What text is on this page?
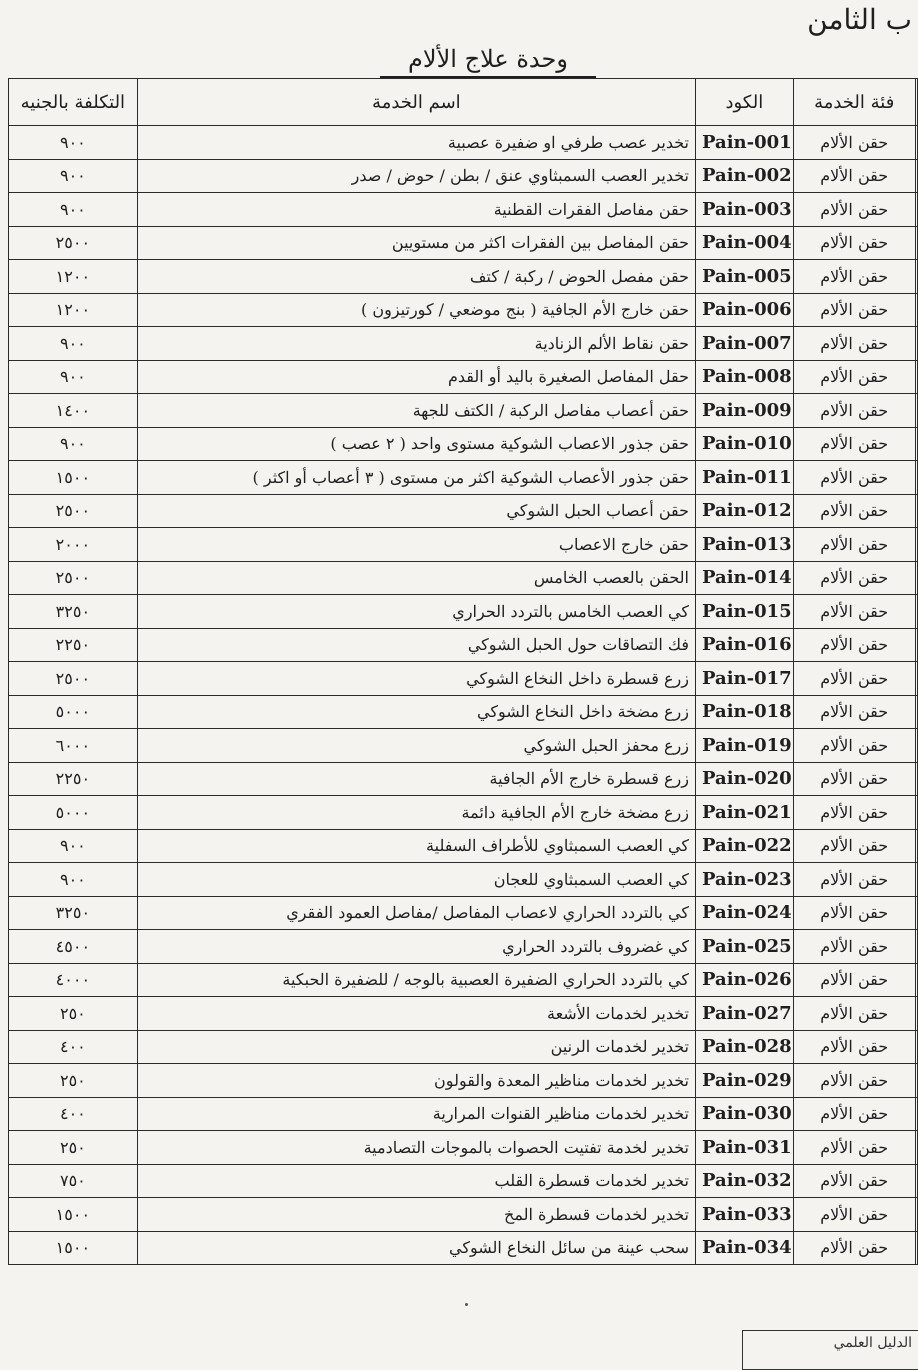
ب الثامن
وحدة علاج الألام
التكلفة بالجنيه	اسم الخدمة	الكود	فئة الخدمة	
٩٠٠	تخدير عصب طرفي او ضفيرة عصبية	Pain-001	حقن الألام	
٩٠٠	تخدير العصب السمبثاوي عنق / بطن / حوض / صدر	Pain-002	حقن الألام	
٩٠٠	حقن مفاصل الفقرات القطنية	Pain-003	حقن الألام	
٢٥٠٠	حقن المفاصل بين الفقرات اكثر من مستويين	Pain-004	حقن الألام	
١٢٠٠	حقن مفصل الحوض / ركبة / كتف	Pain-005	حقن الألام	
١٢٠٠	حقن خارج الأم الجافية ( بنج موضعي / كورتيزون )	Pain-006	حقن الألام	
٩٠٠	حقن نقاط الألم الزنادية	Pain-007	حقن الألام	
٩٠٠	حقل المفاصل الصغيرة باليد أو القدم	Pain-008	حقن الألام	
١٤٠٠	حقن أعصاب مفاصل الركبة / الكتف للجهة	Pain-009	حقن الألام	
٩٠٠	حقن جذور الاعصاب الشوكية مستوى واحد ( ٢ عصب )	Pain-010	حقن الألام	
١٥٠٠	حقن جذور الأعصاب الشوكية اكثر من مستوى ( ٣ أعصاب أو اكثر )	Pain-011	حقن الألام	
٢٥٠٠	حقن أعصاب الحبل الشوكي	Pain-012	حقن الألام	
٢٠٠٠	حقن خارج الاعصاب	Pain-013	حقن الألام	
٢٥٠٠	الحقن بالعصب الخامس	Pain-014	حقن الألام	
٣٢٥٠	كي العصب الخامس بالتردد الحراري	Pain-015	حقن الألام	
٢٢٥٠	فك التصاقات حول الحبل الشوكي	Pain-016	حقن الألام	
٢٥٠٠	زرع قسطرة داخل النخاع الشوكي	Pain-017	حقن الألام	
٥٠٠٠	زرع مضخة داخل النخاع الشوكي	Pain-018	حقن الألام	
٦٠٠٠	زرع محفز الحبل الشوكي	Pain-019	حقن الألام	
٢٢٥٠	زرع قسطرة خارج الأم الجافية	Pain-020	حقن الألام	
٥٠٠٠	زرع مضخة خارج الأم الجافية دائمة	Pain-021	حقن الألام	
٩٠٠	كي العصب السمبثاوي للأطراف السفلية	Pain-022	حقن الألام	
٩٠٠	كي العصب السمبثاوي للعجان	Pain-023	حقن الألام	
٣٢٥٠	كي بالتردد الحراري لاعصاب المفاصل /مفاصل العمود الفقري	Pain-024	حقن الألام	
٤٥٠٠	كي غضروف بالتردد الحراري	Pain-025	حقن الألام	
٤٠٠٠	كي بالتردد الحراري الضفيرة العصبية بالوجه / للضفيرة الحبكية	Pain-026	حقن الألام	
٢٥٠	تخدير لخدمات الأشعة	Pain-027	حقن الألام	
٤٠٠	تخدير لخدمات الرنين	Pain-028	حقن الألام	
٢٥٠	تخدير لخدمات مناظير المعدة والقولون	Pain-029	حقن الألام	
٤٠٠	تخدير لخدمات مناظير القنوات المرارية	Pain-030	حقن الألام	
٢٥٠	تخدير لخدمة تفتيت الحصوات بالموجات التصادمية	Pain-031	حقن الألام	
٧٥٠	تخدير لخدمات قسطرة القلب	Pain-032	حقن الألام	
١٥٠٠	تخدير لخدمات قسطرة المخ	Pain-033	حقن الألام	
١٥٠٠	سحب عينة من سائل النخاع الشوكي	Pain-034	حقن الألام	
الدليل العلمي
